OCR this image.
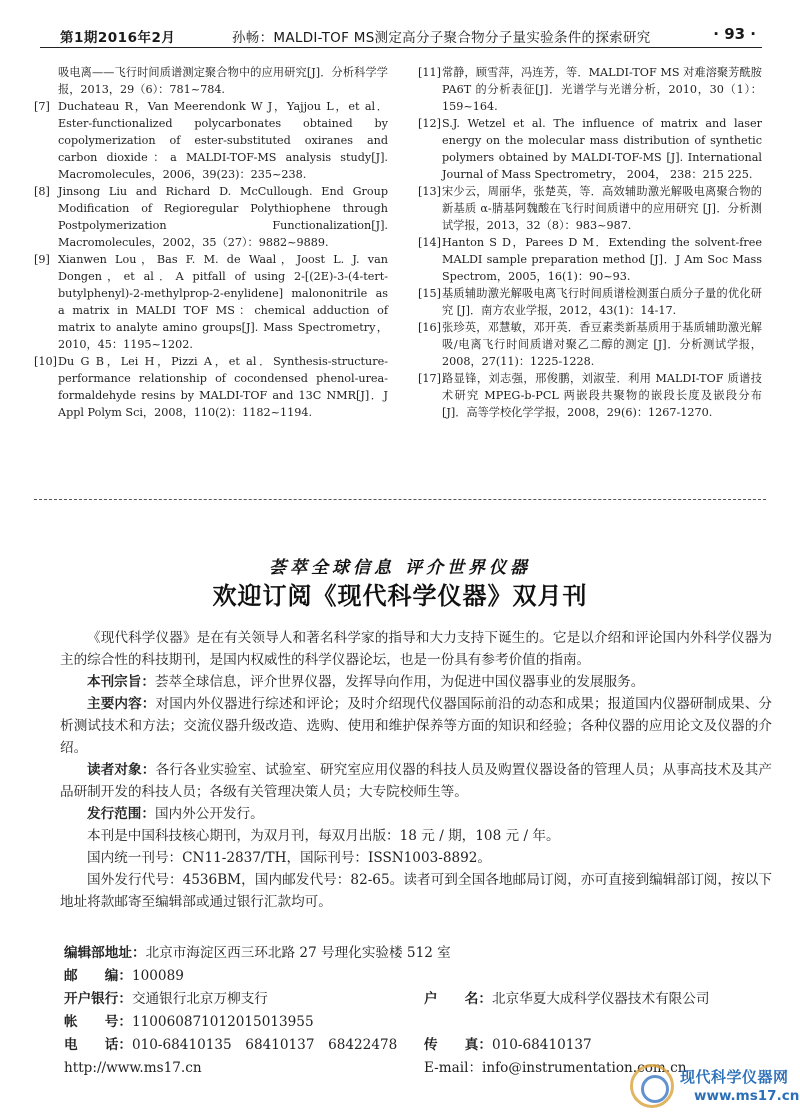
第1期2016年2月	孙畅：MALDI-TOF MS测定高分子聚合物分子量实验条件的探索研究	· 93 ·

吸电离——飞行时间质谱测定聚合物中的应用研究[J]．分析科学学报，2013，29（6）：781~784.

[7] Duchateau R，Van Meerendonk W J，Yajjou L，et al．Ester-functionalized polycarbonates obtained by copolymerization of ester-substituted oxiranes and carbon dioxide：a MALDI-TOF-MS analysis study[J]. Macromolecules，2006，39(23)：235~238.

[8] Jinsong Liu and Richard D. McCullough. End Group Modification of Regioregular Polythiophene through Postpolymerization Functionalization[J]. Macromolecules，2002，35（27）：9882~9889.

[9] Xianwen Lou，Bas F. M. de Waal，Joost L. J. van Dongen，et al．A pitfall of using 2-[(2E)-3-(4-tert-butylphenyl)-2-methylprop-2-enylidene] malononitrile as a matrix in MALDI TOF MS：chemical adduction of matrix to analyte amino groups[J]. Mass Spectrometry，2010，45：1195~1202.

[10] Du G B，Lei H，Pizzi A，et al．Synthesis-structure-performance relationship of cocondensed phenol-urea-formaldehyde resins by MALDI-TOF and 13C NMR[J]．J Appl Polym Sci，2008，110(2)：1182~1194.

[11] 常静，顾雪萍，冯连芳，等．MALDI-TOF MS 对难溶聚芳酰胺 PA6T 的分析表征[J]．光谱学与光谱分析，2010，30（1）：159~164.

[12] S.J. Wetzel et al. The influence of matrix and laser energy on the molecular mass distribution of synthetic polymers obtained by MALDI-TOF-MS [J]. International Journal of Mass Spectrometry， 2004， 238：215 225.

[13] 宋少云，周丽华，张楚英，等．高效辅助激光解吸电离聚合物的新基质 α-腈基阿魏酸在飞行时间质谱中的应用研究 [J]．分析测试学报，2013，32（8）：983~987.

[14] Hanton S D，Parees D M．Extending the solvent-free MALDI sample preparation method [J]．J Am Soc Mass Spectrom，2005，16(1)：90~93.

[15] 基质辅助激光解吸电离飞行时间质谱检测蛋白质分子量的优化研究 [J]．南方农业学报，2012，43(1)：14-17.

[16] 张珍英，邓慧敏，邓开英．香豆素类新基质用于基质辅助激光解吸/电离飞行时间质谱对聚乙二醇的测定 [J]．分析测试学报，2008，27(11)：1225-1228.

[17] 路显锋，刘志强，邢俊鹏，刘淑莹．利用 MALDI-TOF 质谱技术研究 MPEG-b-PCL 两嵌段共聚物的嵌段长度及嵌段分布 [J]．高等学校化学学报，2008，29(6)：1267-1270.

荟萃全球信息 评介世界仪器
欢迎订阅《现代科学仪器》双月刊

《现代科学仪器》是在有关领导人和著名科学家的指导和大力支持下诞生的。它是以介绍和评论国内外科学仪器为主的综合性的科技期刊，是国内权威性的科学仪器论坛，也是一份具有参考价值的指南。

本刊宗旨：荟萃全球信息，评介世界仪器，发挥导向作用，为促进中国仪器事业的发展服务。

主要内容：对国内外仪器进行综述和评论；及时介绍现代仪器国际前沿的动态和成果；报道国内仪器研制成果、分析测试技术和方法；交流仪器升级改造、选购、使用和维护保养等方面的知识和经验；各种仪器的应用论文及仪器的介绍。

读者对象：各行各业实验室、试验室、研究室应用仪器的科技人员及购置仪器设备的管理人员；从事高技术及其产品研制开发的科技人员；各级有关管理决策人员；大专院校师生等。

发行范围：国内外公开发行。

本刊是中国科技核心期刊，为双月刊，每双月出版：18 元 / 期，108 元 / 年。

国内统一刊号：CN11-2837/TH，国际刊号：ISSN1003-8892。

国外发行代号：4536BM，国内邮发代号：82-65。读者可到全国各地邮局订阅，亦可直接到编辑部订阅，按以下地址将款邮寄至编辑部或通过银行汇款均可。

编辑部地址：北京市海淀区西三环北路 27 号理化实验楼 512 室
邮　　编：100089
开户银行：交通银行北京万柳支行	户　　名：北京华夏大成科学仪器技术有限公司
帐　　号：110060871012015013955
电　　话：010-68410135　68410137　68422478 传　　真：010-68410137
http://www.ms17.cn	E-mail：info@instrumentation.com.cn
现代科学仪器网
www.ms17.cn
